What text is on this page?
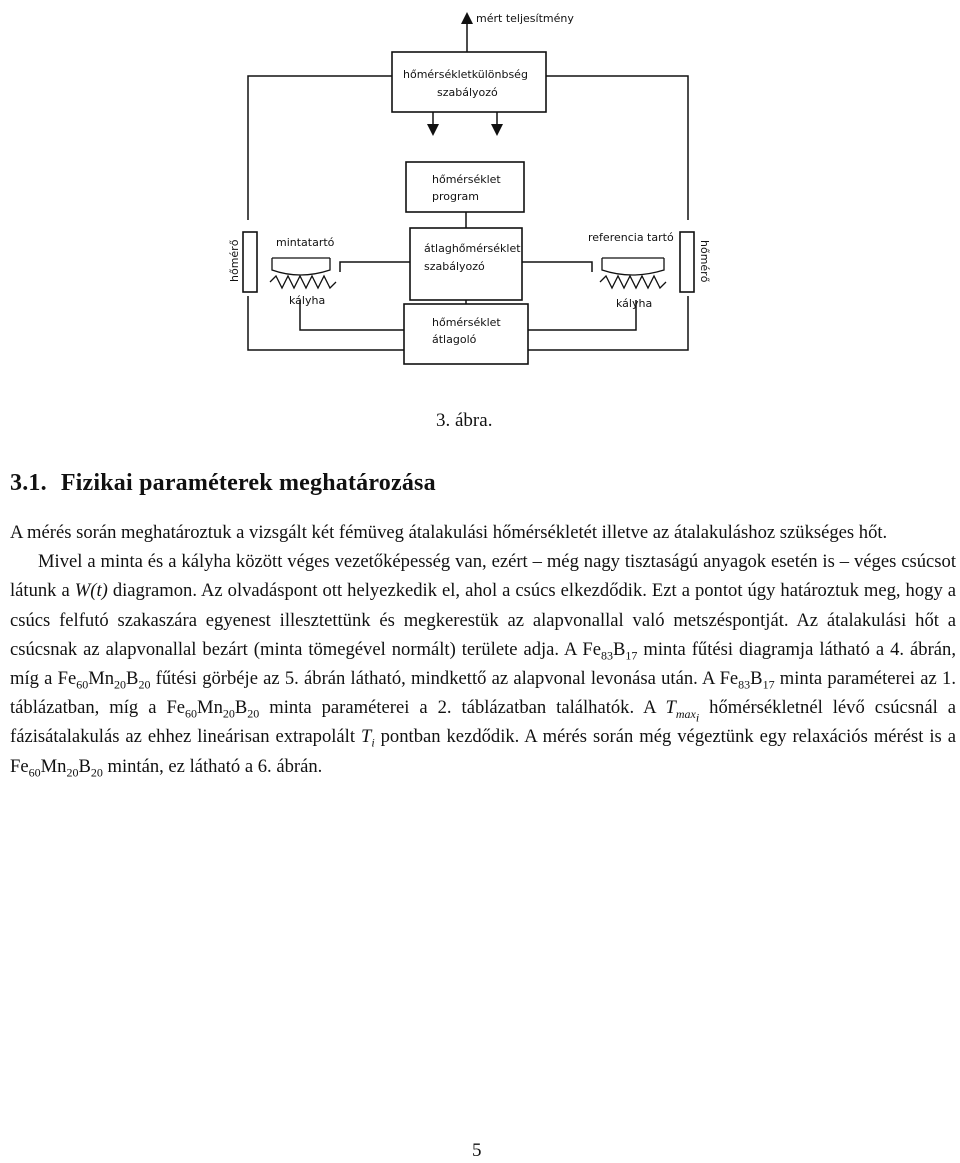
mért teljesítmény
hőmérsékletkülönbség
szabályozó
hőmérséklet
program
átlaghőmérséklet
szabályozó
hőmérséklet
átlagoló
mintatartó	referencia tartó
kályha	kályha
hőmérő	hőmérő
3. ábra.
3.1. Fizikai paraméterek meghatározása

A mérés során meghatároztuk a vizsgált két fémüveg átalakulási hőmérsékletét illetve az átalakuláshoz szükséges hőt.

Mivel a minta és a kályha között véges vezetőképesség van, ezért – még nagy tisztaságú anyagok esetén is – véges csúcsot látunk a W(t) diagramon. Az olvadáspont ott helyezkedik el, ahol a csúcs elkezdődik. Ezt a pontot úgy határoztuk meg, hogy a csúcs felfutó szakaszára egyenest illesztettünk és megkerestük az alapvonallal való metszéspontját. Az átalakulási hőt a csúcsnak az alapvonallal bezárt (minta tömegével normált) területe adja. A $Fe_{83}B_{17}$ minta fűtési diagramja látható a 4. ábrán, míg a $Fe_{60}Mn_{20}B_{20}$ fűtési görbéje az 5. ábrán látható, mindkettő az alapvonal levonása után. A $Fe_{83}B_{17}$ minta paraméterei az 1. táblázatban, míg a $Fe_{60}Mn_{20}B_{20}$ minta paraméterei a 2. táblázatban találhatók. A $T_{max_i}$ hőmérsékletnél lévő csúcsnál a fázisátalakulás az ehhez lineárisan extrapolált $T_i$ pontban kezdődik. A mérés során még végeztünk egy relaxációs mérést is a $Fe_{60}Mn_{20}B_{20}$ mintán, ez látható a 6. ábrán.

5
